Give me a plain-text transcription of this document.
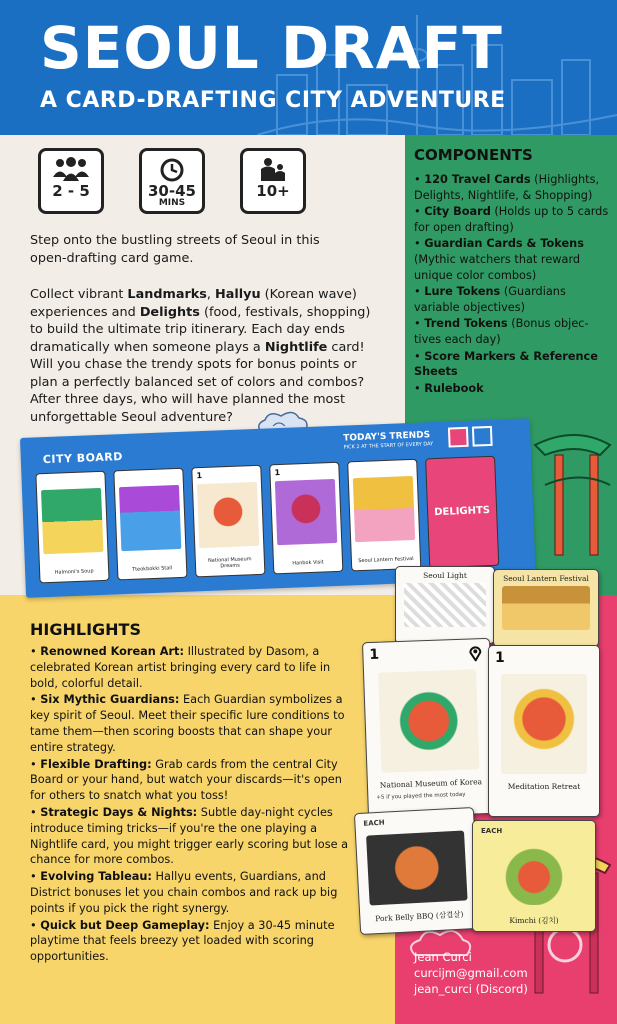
SEOUL DRAFT
A CARD-DRAFTING CITY ADVENTURE
2 - 5	30-45
MINS
10+
Step onto the bustling streets of Seoul in this open-drafting card game.
Collect vibrant Landmarks, Hallyu (Korean wave) experiences and Delights (food, festivals, shopping) to build the ultimate trip itinerary. Each day ends dramatically when someone plays a Nightlife card! Will you chase the trendy spots for bonus points or plan a perfectly balanced set of colors and combos? After three days, who will have planned the most unforgettable Seoul adventure?
COMPONENTS
• 120 Travel Cards (Highlights, Delights, Nightlife, & Shopping)
• City Board (Holds up to 5 cards for open drafting)
• Guardian Cards & Tokens (Mythic watchers that reward unique color combos)
• Lure Tokens (Guardians variable objectives)
• Trend Tokens (Bonus objec-tives each day)
• Score Markers & Reference Sheets
• Rulebook
CITY BOARD
TODAY'S TRENDS
PICK 2 AT THE START OF EVERY DAY
Halmoni's Soup	Tteokbokki Stall
1
National Museum Dreams
1
Hanbok Visit	Seoul Lantern Festival
DELIGHTS
HIGHLIGHTS
• Renowned Korean Art: Illustrated by Dasom, a celebrated Korean artist bringing every card to life in bold, colorful detail.
• Six Mythic Guardians: Each Guardian symbolizes a key spirit of Seoul. Meet their specific lure conditions to tame them—then scoring boosts that can shape your entire strategy.
• Flexible Drafting: Grab cards from the central City Board or your hand, but watch your discards—it's open for others to snatch what you toss!
• Strategic Days & Nights: Subtle day-night cycles introduce timing tricks—if you're the one playing a Nightlife card, you might trigger early scoring but lose a chance for more combos.
• Evolving Tableau: Hallyu events, Guardians, and District bonuses let you chain combos and rack up big points if you pick the right synergy.
• Quick but Deep Gameplay: Enjoy a 30-45 minute playtime that feels breezy yet loaded with scoring opportunities.
Seoul Light	Seoul Lantern Festival
1
National Museum of Korea
+5 if you played the most today
1
Meditation Retreat
EACH
Pork Belly BBQ (삼겹살)
EACH
Kimchi (김치)
Jean Curci
curcijm@gmail.com
jean_curci (Discord)
